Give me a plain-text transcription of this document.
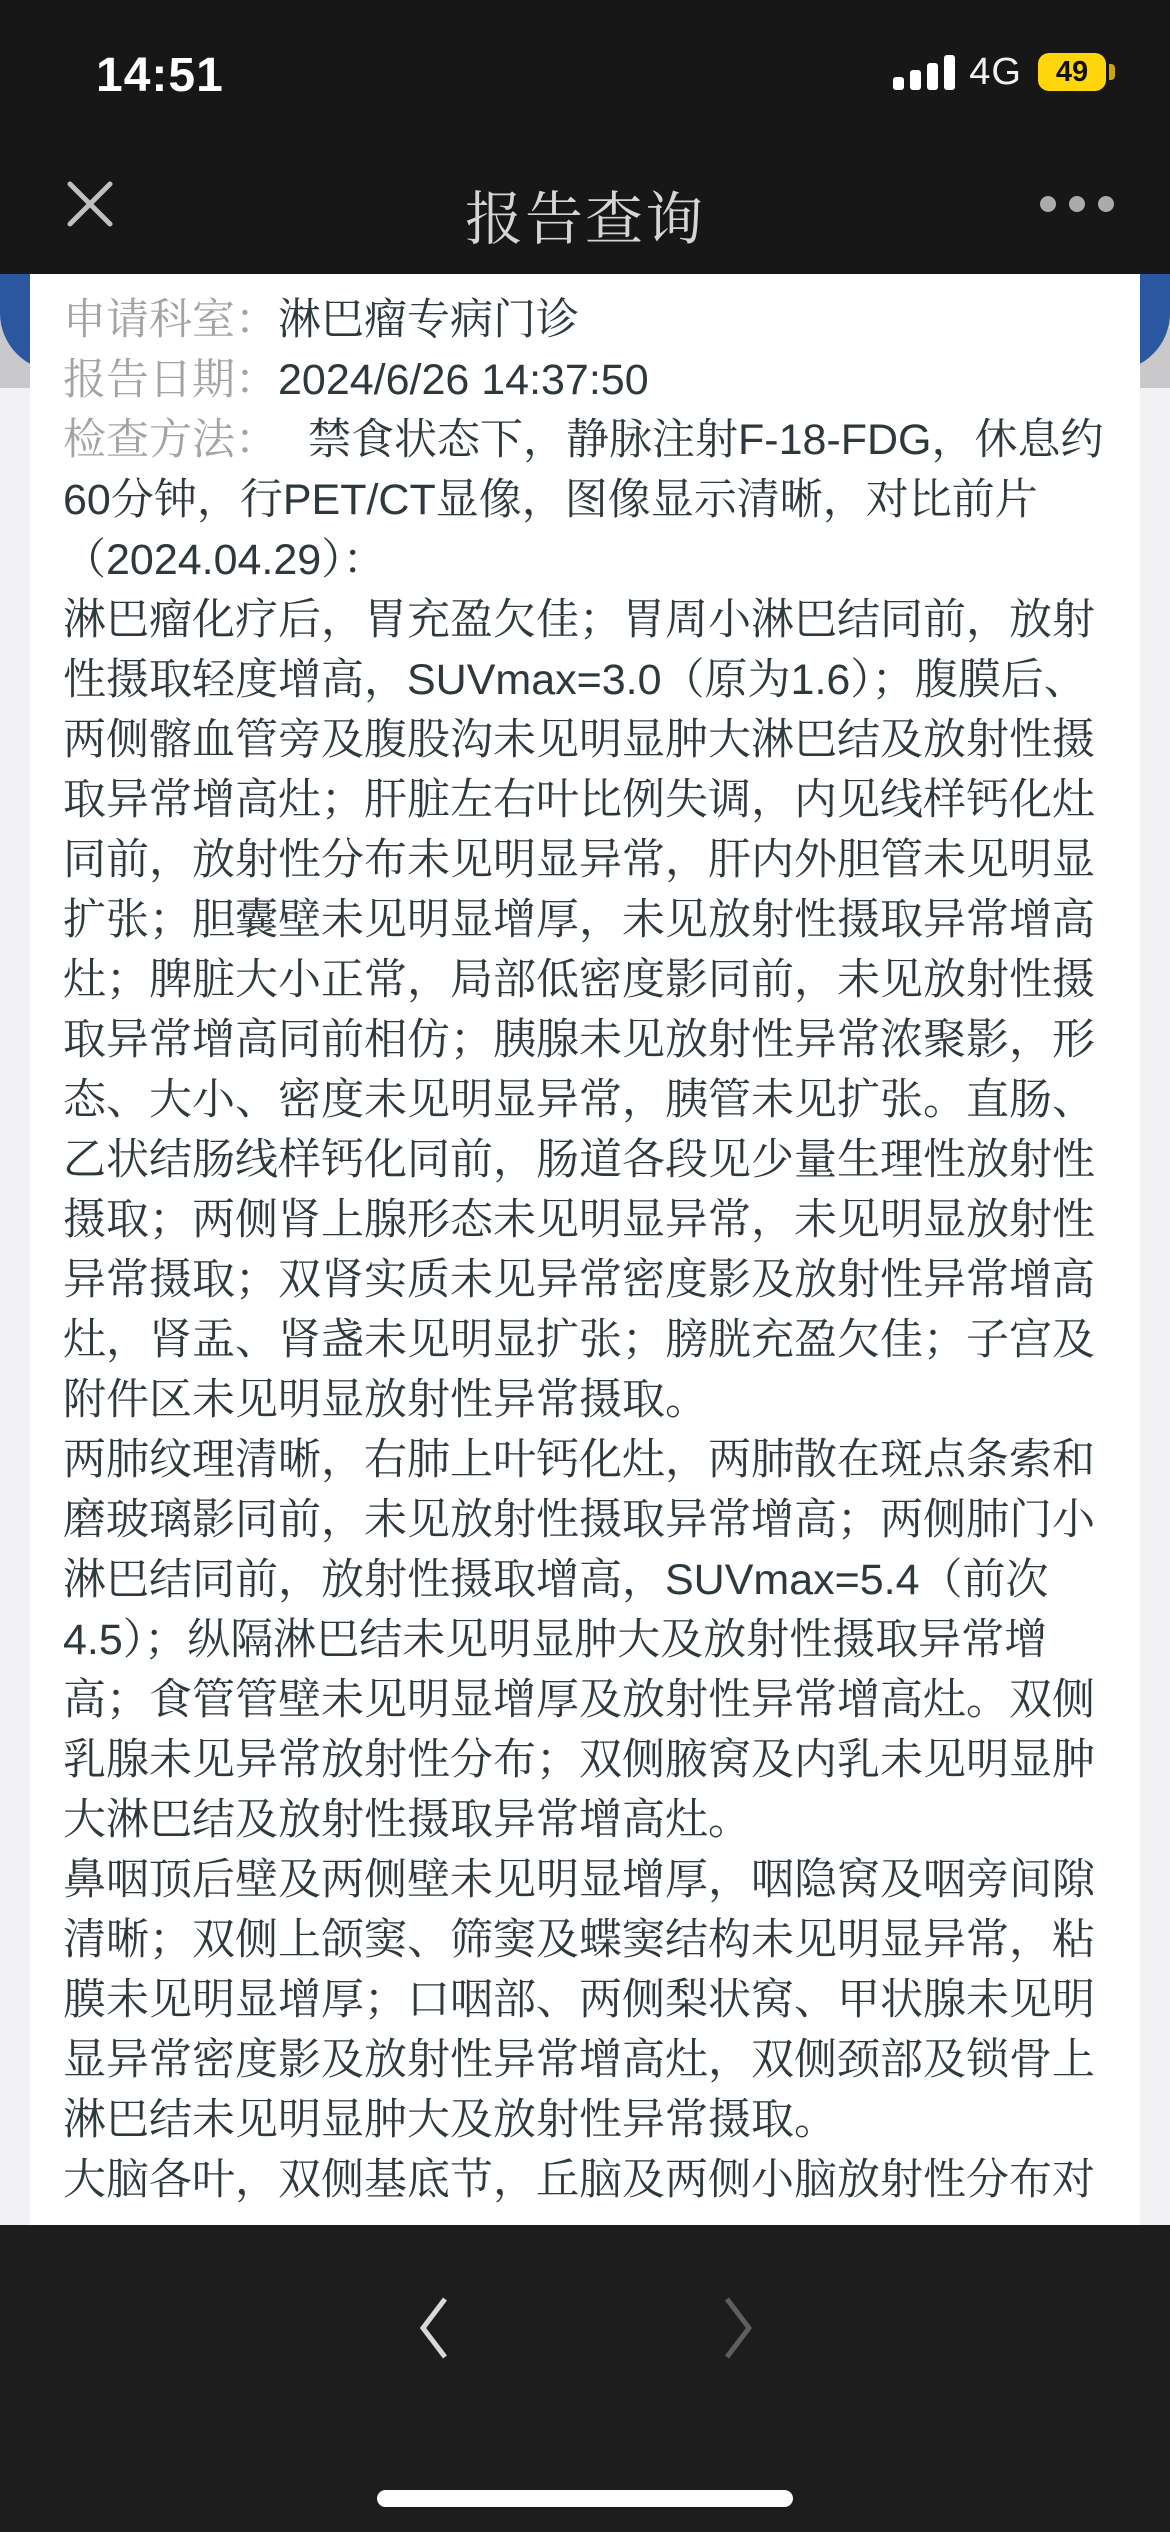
14:51	4G 49
报告查询
申请科室：淋巴瘤专病门诊
报告日期：2024/6/26 14:37:50
检查方法： 禁食状态下，静脉注射F-18-FDG，休息约
60分钟，行PET/CT显像，图像显示清晰，对比前片
（2024.04.29）：
淋巴瘤化疗后，胃充盈欠佳；胃周小淋巴结同前，放射
性摄取轻度增高，SUVmax=3.0（原为1.6）；腹膜后、
两侧髂血管旁及腹股沟未见明显肿大淋巴结及放射性摄
取异常增高灶；肝脏左右叶比例失调，内见线样钙化灶
同前，放射性分布未见明显异常，肝内外胆管未见明显
扩张；胆囊壁未见明显增厚，未见放射性摄取异常增高
灶；脾脏大小正常，局部低密度影同前，未见放射性摄
取异常增高同前相仿；胰腺未见放射性异常浓聚影，形
态、大小、密度未见明显异常，胰管未见扩张。直肠、
乙状结肠线样钙化同前，肠道各段见少量生理性放射性
摄取；两侧肾上腺形态未见明显异常，未见明显放射性
异常摄取；双肾实质未见异常密度影及放射性异常增高
灶，肾盂、肾盏未见明显扩张；膀胱充盈欠佳；子宫及
附件区未见明显放射性异常摄取。
两肺纹理清晰，右肺上叶钙化灶，两肺散在斑点条索和
磨玻璃影同前，未见放射性摄取异常增高；两侧肺门小
淋巴结同前，放射性摄取增高，SUVmax=5.4（前次
4.5）；纵隔淋巴结未见明显肿大及放射性摄取异常增
高；食管管壁未见明显增厚及放射性异常增高灶。双侧
乳腺未见异常放射性分布；双侧腋窝及内乳未见明显肿
大淋巴结及放射性摄取异常增高灶。
鼻咽顶后壁及两侧壁未见明显增厚，咽隐窝及咽旁间隙
清晰；双侧上颌窦、筛窦及蝶窦结构未见明显异常，粘
膜未见明显增厚；口咽部、两侧梨状窝、甲状腺未见明
显异常密度影及放射性异常增高灶，双侧颈部及锁骨上
淋巴结未见明显肿大及放射性异常摄取。
大脑各叶，双侧基底节，丘脑及两侧小脑放射性分布对
